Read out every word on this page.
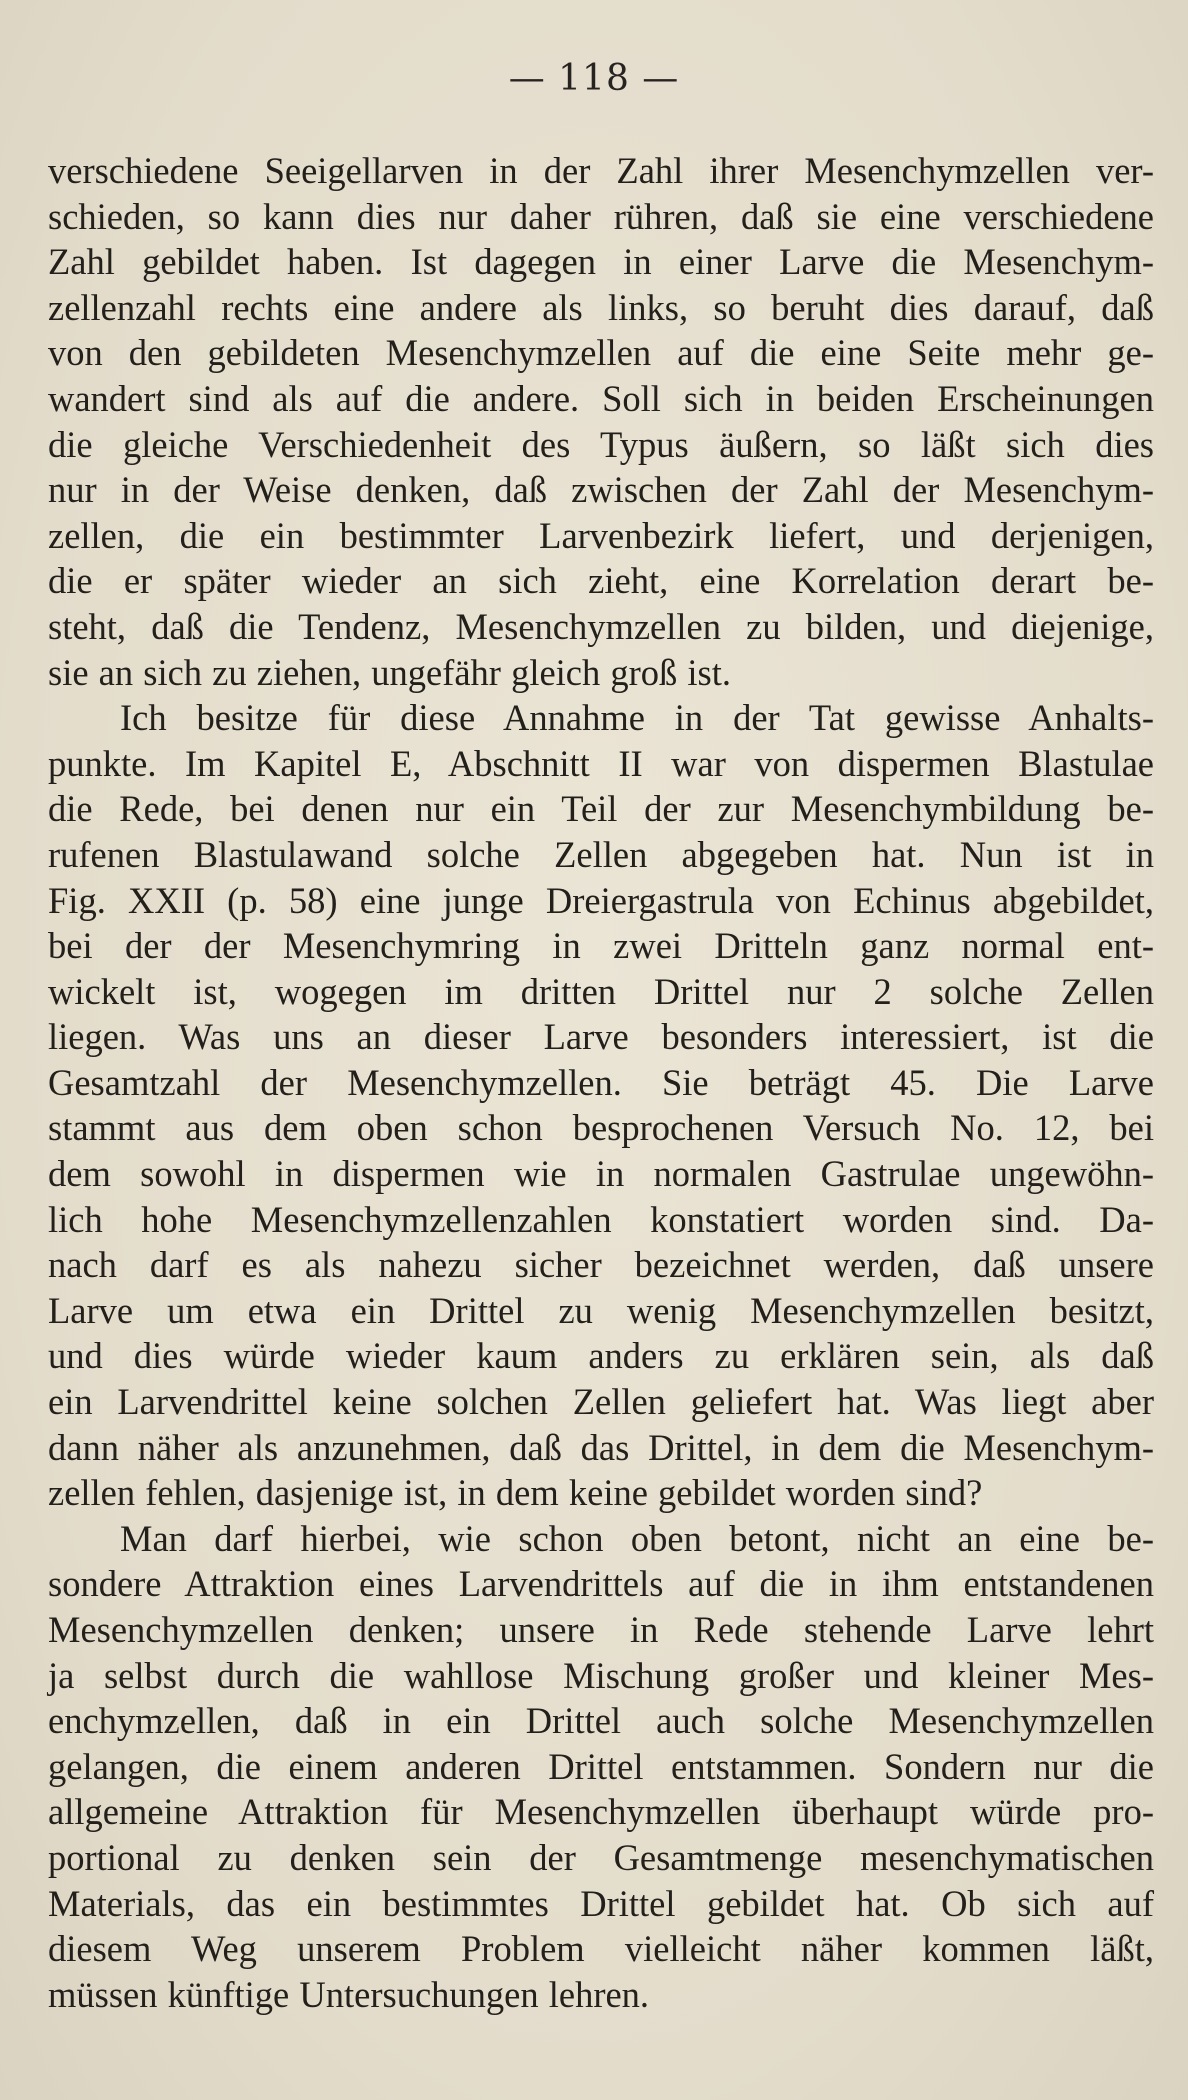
— 118 —
verschiedene Seeigellarven in der Zahl ihrer Mesenchymzellen ver-
schieden, so kann dies nur daher rühren, daß sie eine verschiedene
Zahl gebildet haben. Ist dagegen in einer Larve die Mesenchym-
zellenzahl rechts eine andere als links, so beruht dies darauf, daß
von den gebildeten Mesenchymzellen auf die eine Seite mehr ge-
wandert sind als auf die andere. Soll sich in beiden Erscheinungen
die gleiche Verschiedenheit des Typus äußern, so läßt sich dies
nur in der Weise denken, daß zwischen der Zahl der Mesenchym-
zellen, die ein bestimmter Larvenbezirk liefert, und derjenigen,
die er später wieder an sich zieht, eine Korrelation derart be-
steht, daß die Tendenz, Mesenchymzellen zu bilden, und diejenige,
sie an sich zu ziehen, ungefähr gleich groß ist.
Ich besitze für diese Annahme in der Tat gewisse Anhalts-
punkte. Im Kapitel E, Abschnitt II war von dispermen Blastulae
die Rede, bei denen nur ein Teil der zur Mesenchymbildung be-
rufenen Blastulawand solche Zellen abgegeben hat. Nun ist in
Fig. XXII (p. 58) eine junge Dreiergastrula von Echinus abgebildet,
bei der der Mesenchymring in zwei Dritteln ganz normal ent-
wickelt ist, wogegen im dritten Drittel nur 2 solche Zellen
liegen. Was uns an dieser Larve besonders interessiert, ist die
Gesamtzahl der Mesenchymzellen. Sie beträgt 45. Die Larve
stammt aus dem oben schon besprochenen Versuch No. 12, bei
dem sowohl in dispermen wie in normalen Gastrulae ungewöhn-
lich hohe Mesenchymzellenzahlen konstatiert worden sind. Da-
nach darf es als nahezu sicher bezeichnet werden, daß unsere
Larve um etwa ein Drittel zu wenig Mesenchymzellen besitzt,
und dies würde wieder kaum anders zu erklären sein, als daß
ein Larvendrittel keine solchen Zellen geliefert hat. Was liegt aber
dann näher als anzunehmen, daß das Drittel, in dem die Mesenchym-
zellen fehlen, dasjenige ist, in dem keine gebildet worden sind?
Man darf hierbei, wie schon oben betont, nicht an eine be-
sondere Attraktion eines Larvendrittels auf die in ihm entstandenen
Mesenchymzellen denken; unsere in Rede stehende Larve lehrt
ja selbst durch die wahllose Mischung großer und kleiner Mes-
enchymzellen, daß in ein Drittel auch solche Mesenchymzellen
gelangen, die einem anderen Drittel entstammen. Sondern nur die
allgemeine Attraktion für Mesenchymzellen überhaupt würde pro-
portional zu denken sein der Gesamtmenge mesenchymatischen
Materials, das ein bestimmtes Drittel gebildet hat. Ob sich auf
diesem Weg unserem Problem vielleicht näher kommen läßt,
müssen künftige Untersuchungen lehren.
